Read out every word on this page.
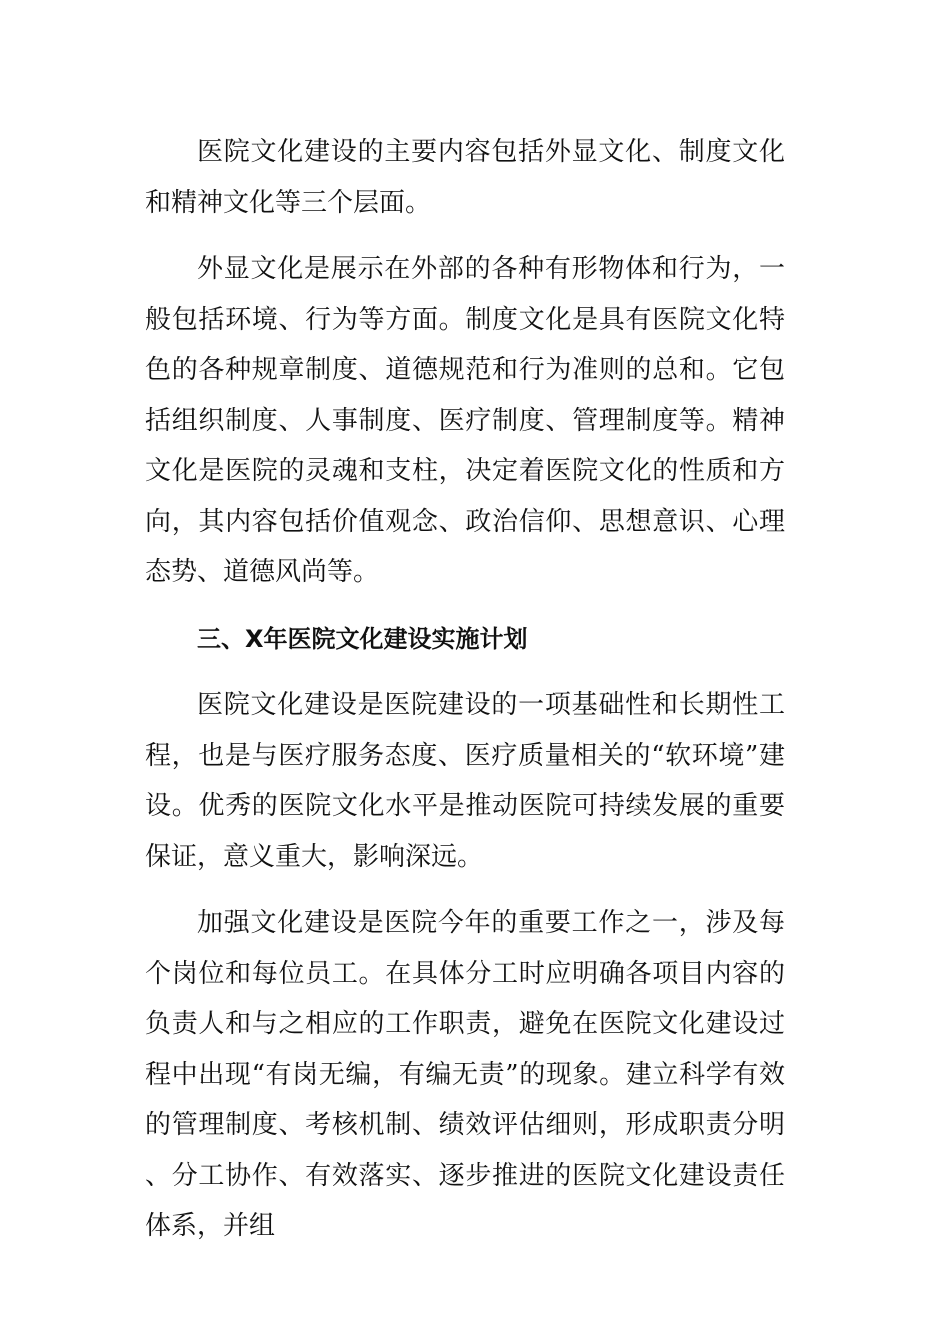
医院文化建设的主要内容包括外显文化、制度文化和精神文化等三个层面。

外显文化是展示在外部的各种有形物体和行为，一般包括环境、行为等方面。制度文化是具有医院文化特色的各种规章制度、道德规范和行为准则的总和。它包括组织制度、人事制度、医疗制度、管理制度等。精神文化是医院的灵魂和支柱，决定着医院文化的性质和方向，其内容包括价值观念、政治信仰、思想意识、心理态势、道德风尚等。

三、X年医院文化建设实施计划

医院文化建设是医院建设的一项基础性和长期性工程，也是与医疗服务态度、医疗质量相关的“软环境”建设。优秀的医院文化水平是推动医院可持续发展的重要保证，意义重大，影响深远。

加强文化建设是医院今年的重要工作之一，涉及每个岗位和每位员工。在具体分工时应明确各项目内容的负责人和与之相应的工作职责，避免在医院文化建设过程中出现“有岗无编，有编无责”的现象。建立科学有效的管理制度、考核机制、绩效评估细则，形成职责分明、分工协作、有效落实、逐步推进的医院文化建设责任体系，并组
